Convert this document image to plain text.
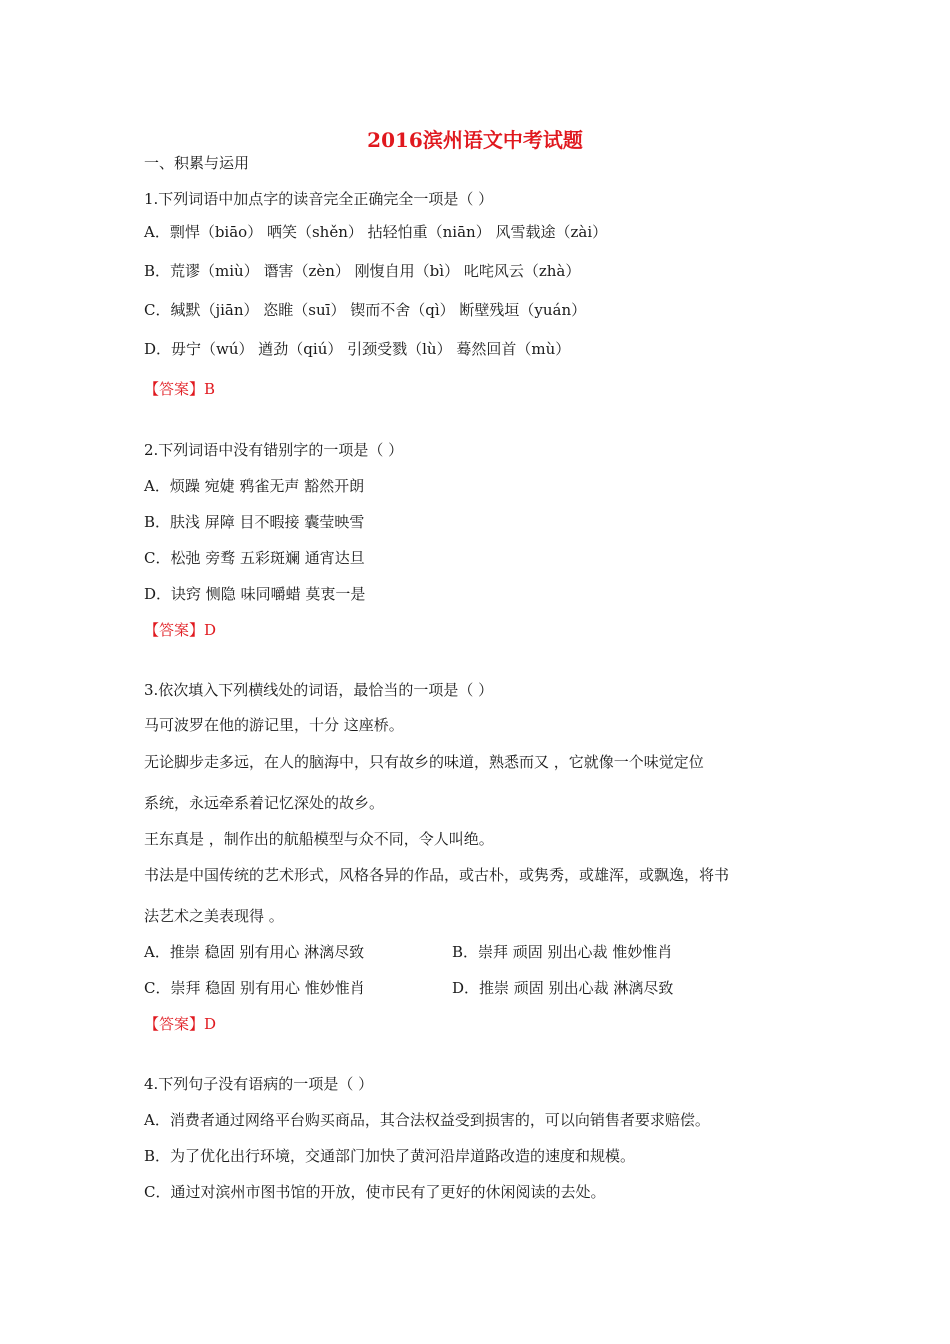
2016滨州语文中考试题
一、积累与运用
1.下列词语中加点字的读音完全正确完全一项是（ ）
A．剽悍（biāo） 哂笑（shěn） 拈轻怕重（niān） 风雪载途（zài）
B．荒谬（miù） 谮害（zèn） 刚愎自用（bì） 叱咤风云（zhà）
C．缄默（jiān） 恣睢（suī） 锲而不舍（qì） 断壁残垣（yuán）
D．毋宁（wú） 遒劲（qiú） 引颈受戮（lù） 蓦然回首（mù）
【答案】B
2.下列词语中没有错别字的一项是（ ）
A．烦躁 宛婕 鸦雀无声 豁然开朗
B．肤浅 屏障 目不暇接 囊莹映雪
C．松弛 旁骛 五彩斑斓 通宵达旦
D．诀窍 恻隐 味同嚼蜡 莫衷一是
【答案】D
3.依次填入下列横线处的词语，最恰当的一项是（ ）
马可波罗在他的游记里，十分 这座桥。
无论脚步走多远，在人的脑海中，只有故乡的味道，熟悉而又 ，它就像一个味觉定位
系统，永远牵系着记忆深处的故乡。
王东真是 ，制作出的航船模型与众不同，令人叫绝。
书法是中国传统的艺术形式，风格各异的作品，或古朴，或隽秀，或雄浑，或飘逸，将书
法艺术之美表现得 。
A．推崇 稳固 别有用心 淋漓尽致	B．崇拜 顽固 别出心裁 惟妙惟肖
C．崇拜 稳固 别有用心 惟妙惟肖	D．推崇 顽固 别出心裁 淋漓尽致
【答案】D
4.下列句子没有语病的一项是（ ）
A．消费者通过网络平台购买商品，其合法权益受到损害的，可以向销售者要求赔偿。
B．为了优化出行环境，交通部门加快了黄河沿岸道路改造的速度和规模。
C．通过对滨州市图书馆的开放，使市民有了更好的休闲阅读的去处。
